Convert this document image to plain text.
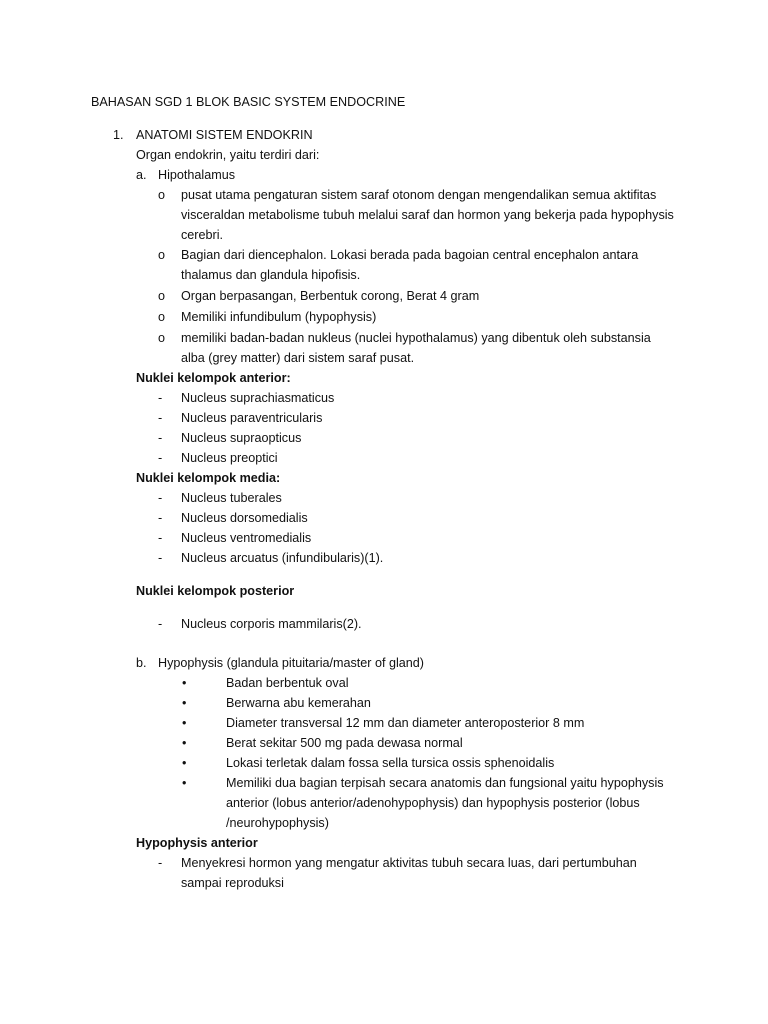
BAHASAN SGD 1 BLOK BASIC SYSTEM ENDOCRINE
1. ANATOMI SISTEM ENDOKRIN
Organ endokrin, yaitu terdiri dari:
a. Hipothalamus
o pusat utama pengaturan sistem saraf otonom dengan mengendalikan semua aktifitas
visceraldan metabolisme tubuh melalui saraf dan hormon yang bekerja pada hypophysis
cerebri.
o Bagian dari diencephalon. Lokasi berada pada bagoian central encephalon antara
thalamus dan glandula hipofisis.
o Organ berpasangan, Berbentuk corong, Berat 4 gram
o Memiliki infundibulum (hypophysis)
o memiliki badan-badan nukleus (nuclei hypothalamus) yang dibentuk oleh substansia
alba (grey matter) dari sistem saraf pusat.
Nuklei kelompok anterior:
- Nucleus suprachiasmaticus
- Nucleus paraventricularis
- Nucleus supraopticus
- Nucleus preoptici
Nuklei kelompok media:
- Nucleus tuberales
- Nucleus dorsomedialis
- Nucleus ventromedialis
- Nucleus arcuatus (infundibularis)(1).
Nuklei kelompok posterior
- Nucleus corporis mammilaris(2).
b. Hypophysis (glandula pituitaria/master of gland)
•	Badan berbentuk oval
•	Berwarna abu kemerahan
•	Diameter transversal 12 mm dan diameter anteroposterior 8 mm
•	Berat sekitar 500 mg pada dewasa normal
•	Lokasi terletak dalam fossa sella tursica ossis sphenoidalis
•	Memiliki dua bagian terpisah secara anatomis dan fungsional yaitu hypophysis
anterior (lobus anterior/adenohypophysis) dan hypophysis posterior (lobus
/neurohypophysis)
Hypophysis anterior
- Menyekresi hormon yang mengatur aktivitas tubuh secara luas, dari pertumbuhan
sampai reproduksi
